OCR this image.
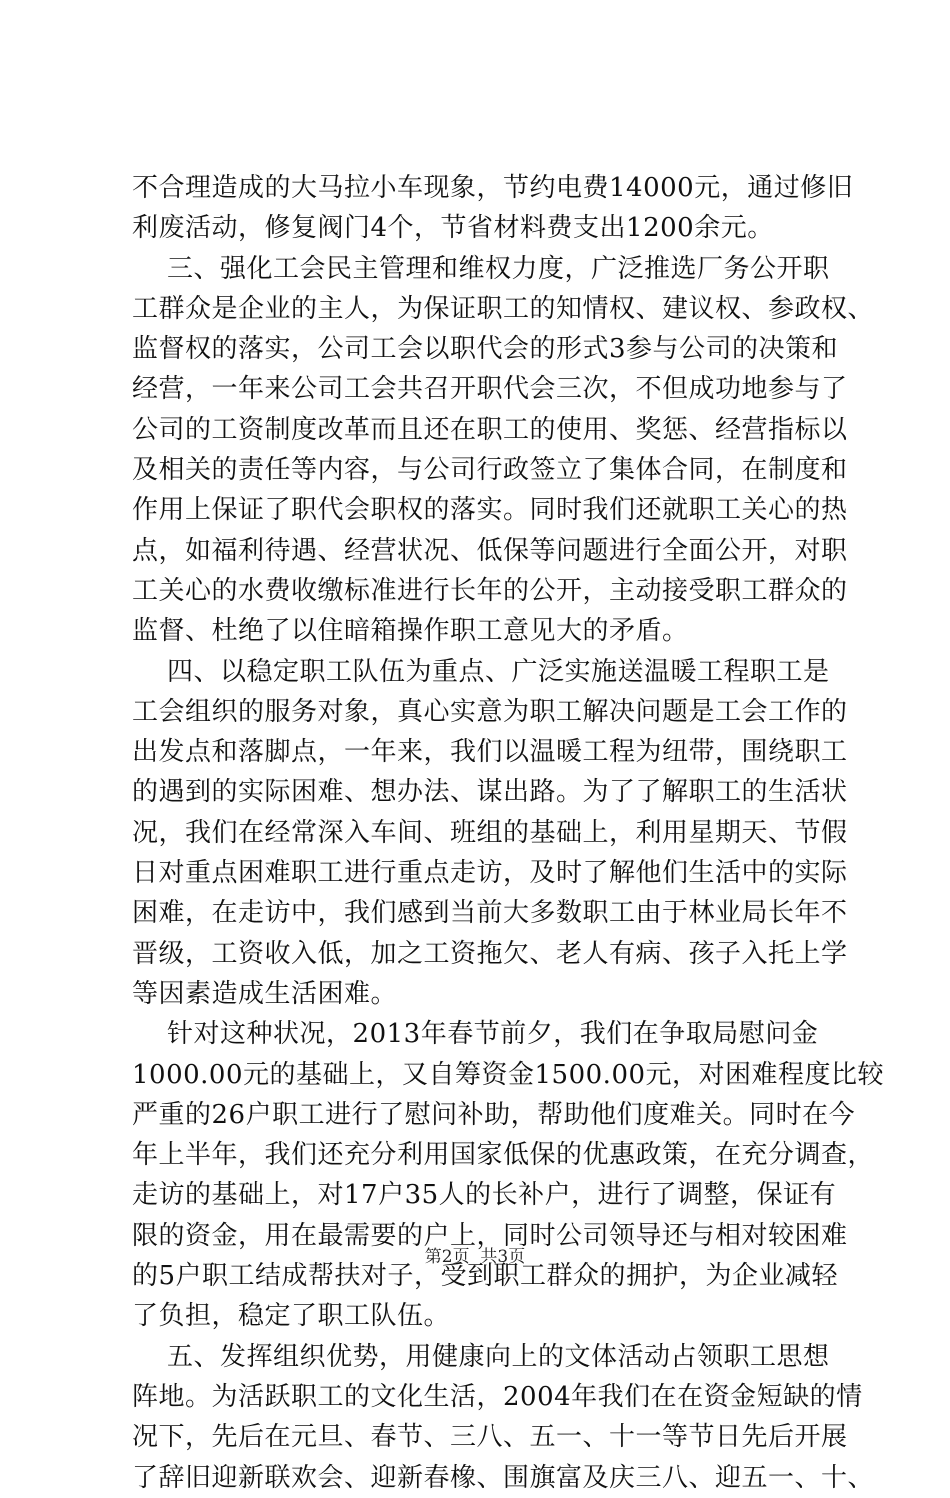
不合理造成的大马拉小车现象，节约电费14000元，通过修旧
利废活动，修复阀门4个，节省材料费支出1200余元。
三、强化工会民主管理和维权力度，广泛推选厂务公开职
工群众是企业的主人，为保证职工的知情权、建议权、参政权、
监督权的落实，公司工会以职代会的形式3参与公司的决策和
经营，一年来公司工会共召开职代会三次，不但成功地参与了
公司的工资制度改革而且还在职工的使用、奖惩、经营指标以
及相关的责任等内容，与公司行政签立了集体合同，在制度和
作用上保证了职代会职权的落实。同时我们还就职工关心的热
点，如福利待遇、经营状况、低保等问题进行全面公开，对职
工关心的水费收缴标准进行长年的公开，主动接受职工群众的
监督、杜绝了以住暗箱操作职工意见大的矛盾。
四、以稳定职工队伍为重点、广泛实施送温暖工程职工是
工会组织的服务对象，真心实意为职工解决问题是工会工作的
出发点和落脚点，一年来，我们以温暖工程为纽带，围绕职工
的遇到的实际困难、想办法、谋出路。为了了解职工的生活状
况，我们在经常深入车间、班组的基础上，利用星期天、节假
日对重点困难职工进行重点走访，及时了解他们生活中的实际
困难，在走访中，我们感到当前大多数职工由于林业局长年不
晋级，工资收入低，加之工资拖欠、老人有病、孩子入托上学
等因素造成生活困难。
针对这种状况，2013年春节前夕，我们在争取局慰问金
1000.00元的基础上，又自筹资金1500.00元，对困难程度比较
严重的26户职工进行了慰问补助，帮助他们度难关。同时在今
年上半年，我们还充分利用国家低保的优惠政策，在充分调查，
走访的基础上，对17户35人的长补户，进行了调整，保证有
限的资金，用在最需要的户上，同时公司领导还与相对较困难
的5户职工结成帮扶对子，受到职工群众的拥护，为企业减轻
了负担，稳定了职工队伍。
五、发挥组织优势，用健康向上的文体活动占领职工思想
阵地。为活跃职工的文化生活，2004年我们在在资金短缺的情
况下，先后在元旦、春节、三八、五一、十一等节日先后开展
了辞旧迎新联欢会、迎新春橡、围旗富及庆三八、迎五一、十、
第2页  共3页
